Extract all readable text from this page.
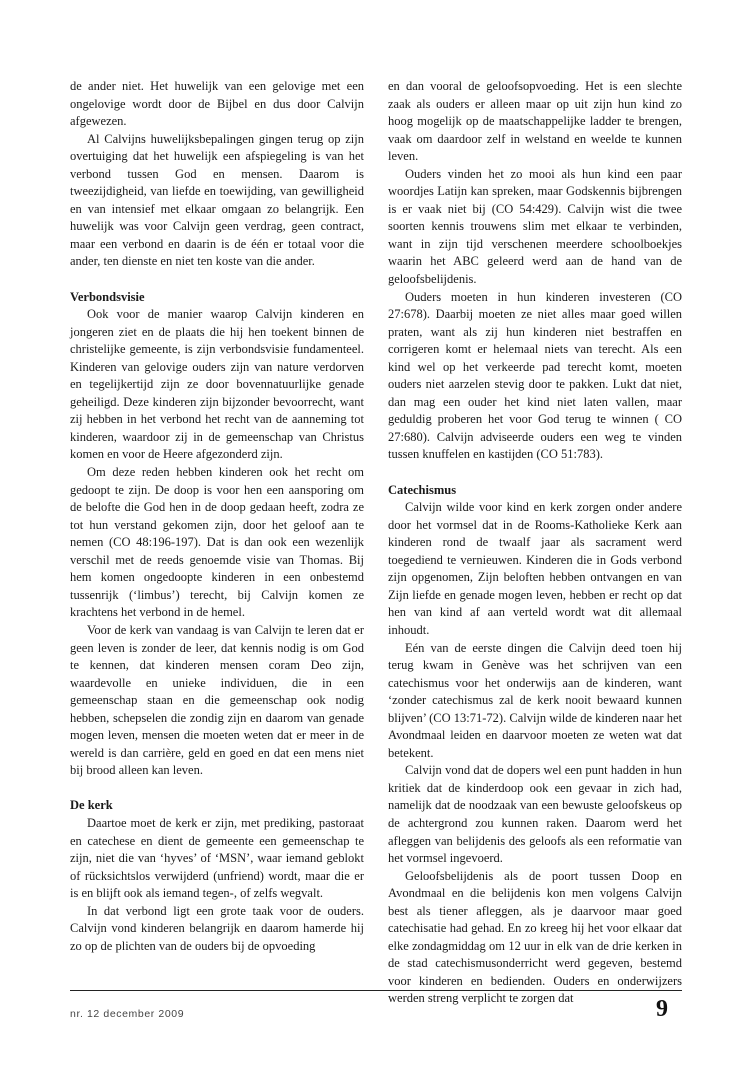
de ander niet. Het huwelijk van een gelovige met een ongelovige wordt door de Bijbel en dus door Calvijn afgewezen.

Al Calvijns huwelijksbepalingen gingen terug op zijn overtuiging dat het huwelijk een afspiegeling is van het verbond tussen God en mensen. Daarom is tweezijdigheid, van liefde en toewijding, van gewilligheid en van intensief met elkaar omgaan zo belangrijk. Een huwelijk was voor Calvijn geen verdrag, geen contract, maar een verbond en daarin is de één er totaal voor die ander, ten dienste en niet ten koste van die ander.

Verbondsvisie

Ook voor de manier waarop Calvijn kinderen en jongeren ziet en de plaats die hij hen toekent binnen de christelijke gemeente, is zijn verbondsvisie fundamenteel. Kinderen van gelovige ouders zijn van nature verdorven en tegelijkertijd zijn ze door bovennatuurlijke genade geheiligd. Deze kinderen zijn bijzonder bevoorrecht, want zij hebben in het verbond het recht van de aanneming tot kinderen, waardoor zij in de gemeenschap van Christus komen en voor de Heere afgezonderd zijn.

Om deze reden hebben kinderen ook het recht om gedoopt te zijn. De doop is voor hen een aansporing om de belofte die God hen in de doop gedaan heeft, zodra ze tot hun verstand gekomen zijn, door het geloof aan te nemen (CO 48:196-197). Dat is dan ook een wezenlijk verschil met de reeds genoemde visie van Thomas. Bij hem komen ongedoopte kinderen in een onbestemd tussenrijk (‘limbus’) terecht, bij Calvijn komen ze krachtens het verbond in de hemel.

Voor de kerk van vandaag is van Calvijn te leren dat er geen leven is zonder de leer, dat kennis nodig is om God te kennen, dat kinderen mensen coram Deo zijn, waardevolle en unieke individuen, die in een gemeenschap staan en die gemeenschap ook nodig hebben, schepselen die zondig zijn en daarom van genade mogen leven, mensen die moeten weten dat er meer in de wereld is dan carrière, geld en goed en dat een mens niet bij brood alleen kan leven.

De kerk

Daartoe moet de kerk er zijn, met prediking, pastoraat en catechese en dient de gemeente een gemeenschap te zijn, niet die van ‘hyves’ of ‘MSN’, waar iemand geblokt of rücksichtslos verwijderd (unfriend) wordt, maar die er is en blijft ook als iemand tegen-, of zelfs wegvalt.

In dat verbond ligt een grote taak voor de ouders. Calvijn vond kinderen belangrijk en daarom hamerde hij zo op de plichten van de ouders bij de opvoeding

en dan vooral de geloofsopvoeding. Het is een slechte zaak als ouders er alleen maar op uit zijn hun kind zo hoog mogelijk op de maatschappelijke ladder te brengen, vaak om daardoor zelf in welstand en weelde te kunnen leven.

Ouders vinden het zo mooi als hun kind een paar woordjes Latijn kan spreken, maar Godskennis bijbrengen is er vaak niet bij (CO 54:429). Calvijn wist die twee soorten kennis trouwens slim met elkaar te verbinden, want in zijn tijd verschenen meerdere schoolboekjes waarin het ABC geleerd werd aan de hand van de geloofsbelijdenis.

Ouders moeten in hun kinderen investeren (CO 27:678). Daarbij moeten ze niet alles maar goed willen praten, want als zij hun kinderen niet bestraffen en corrigeren komt er helemaal niets van terecht. Als een kind wel op het verkeerde pad terecht komt, moeten ouders niet aarzelen stevig door te pakken. Lukt dat niet, dan mag een ouder het kind niet laten vallen, maar geduldig proberen het voor God terug te winnen ( CO 27:680). Calvijn adviseerde ouders een weg te vinden tussen knuffelen en kastijden (CO 51:783).

Catechismus

Calvijn wilde voor kind en kerk zorgen onder andere door het vormsel dat in de Rooms-Katholieke Kerk aan kinderen rond de twaalf jaar als sacrament werd toegediend te vernieuwen. Kinderen die in Gods verbond zijn opgenomen, Zijn beloften hebben ontvangen en van Zijn liefde en genade mogen leven, hebben er recht op dat hen van kind af aan verteld wordt wat dit allemaal inhoudt.

Eén van de eerste dingen die Calvijn deed toen hij terug kwam in Genève was het schrijven van een catechismus voor het onderwijs aan de kinderen, want ‘zonder catechismus zal de kerk nooit bewaard kunnen blijven’ (CO 13:71-72). Calvijn wilde de kinderen naar het Avondmaal leiden en daarvoor moeten ze weten wat dat betekent.

Calvijn vond dat de dopers wel een punt hadden in hun kritiek dat de kinderdoop ook een gevaar in zich had, namelijk dat de noodzaak van een bewuste geloofskeus op de achtergrond zou kunnen raken. Daarom werd het afleggen van belijdenis des geloofs als een reformatie van het vormsel ingevoerd.

Geloofsbelijdenis als de poort tussen Doop en Avondmaal en die belijdenis kon men volgens Calvijn best als tiener afleggen, als je daarvoor maar goed catechisatie had gehad. En zo kreeg hij het voor elkaar dat elke zondagmiddag om 12 uur in elk van de drie kerken in de stad catechismusonderricht werd gegeven, bestemd voor kinderen en bedienden. Ouders en onderwijzers werden streng verplicht te zorgen dat

nr. 12 december 2009	9
